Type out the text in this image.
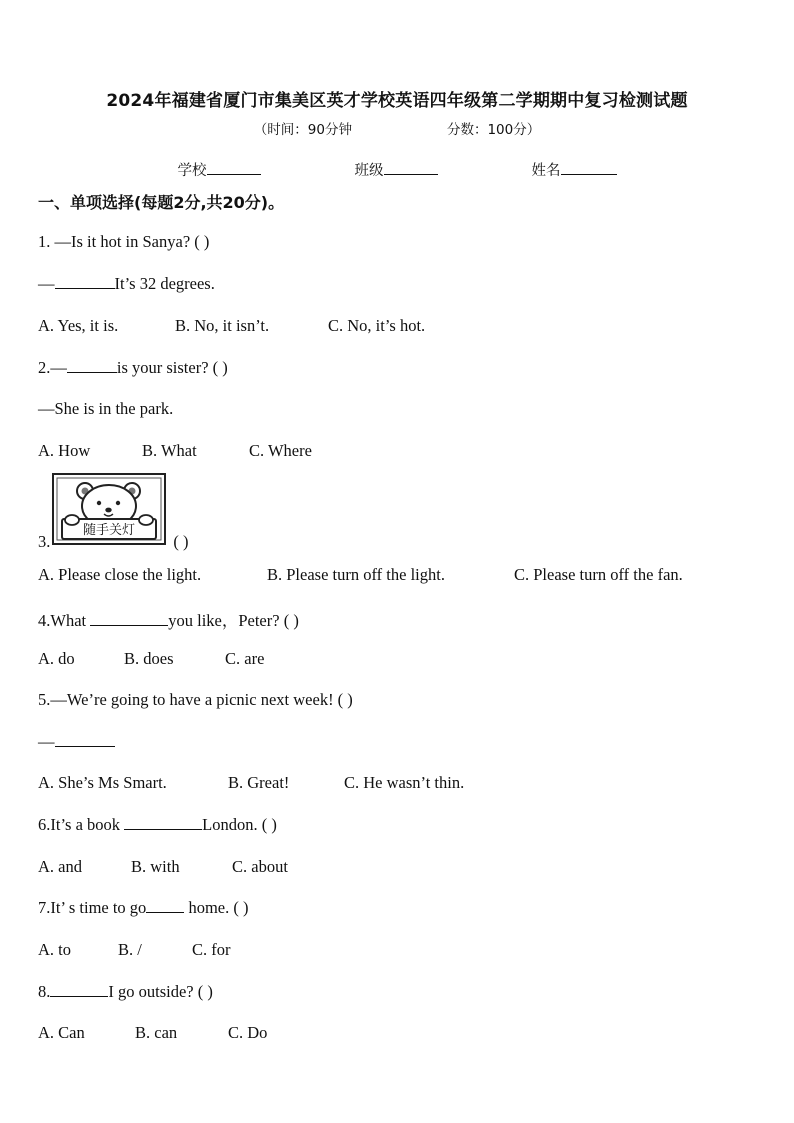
2024年福建省厦门市集美区英才学校英语四年级第二学期期中复习检测试题
（时间：90分钟	分数：100分）
学校	班级	姓名
一、单项选择(每题2分,共20分)。
1. —Is it hot in Sanya? ( )
—	It’s 32 degrees.
A. Yes, it is.	B. No, it isn’t.	C. No, it’s hot.
2.—	is your sister? ( )
—She is in the park.
A. How	B. What	C. Where
随手关灯
3.	( )
A. Please close the light.	B. Please turn off the light.	C. Please turn off the fan.
4.What	you like，Peter? ( )
A. do	B. does	C. are
5.—We’re going to have a picnic next week! ( )
—
A. She’s Ms Smart.	B. Great!	C. He wasn’t thin.
6.It’s a book	London. ( )
A. and	B. with	C. about
7.It’ s time to go home. ( )
A. to	B. /	C. for
8.	I go outside? ( )
A. Can	B. can	C. Do
